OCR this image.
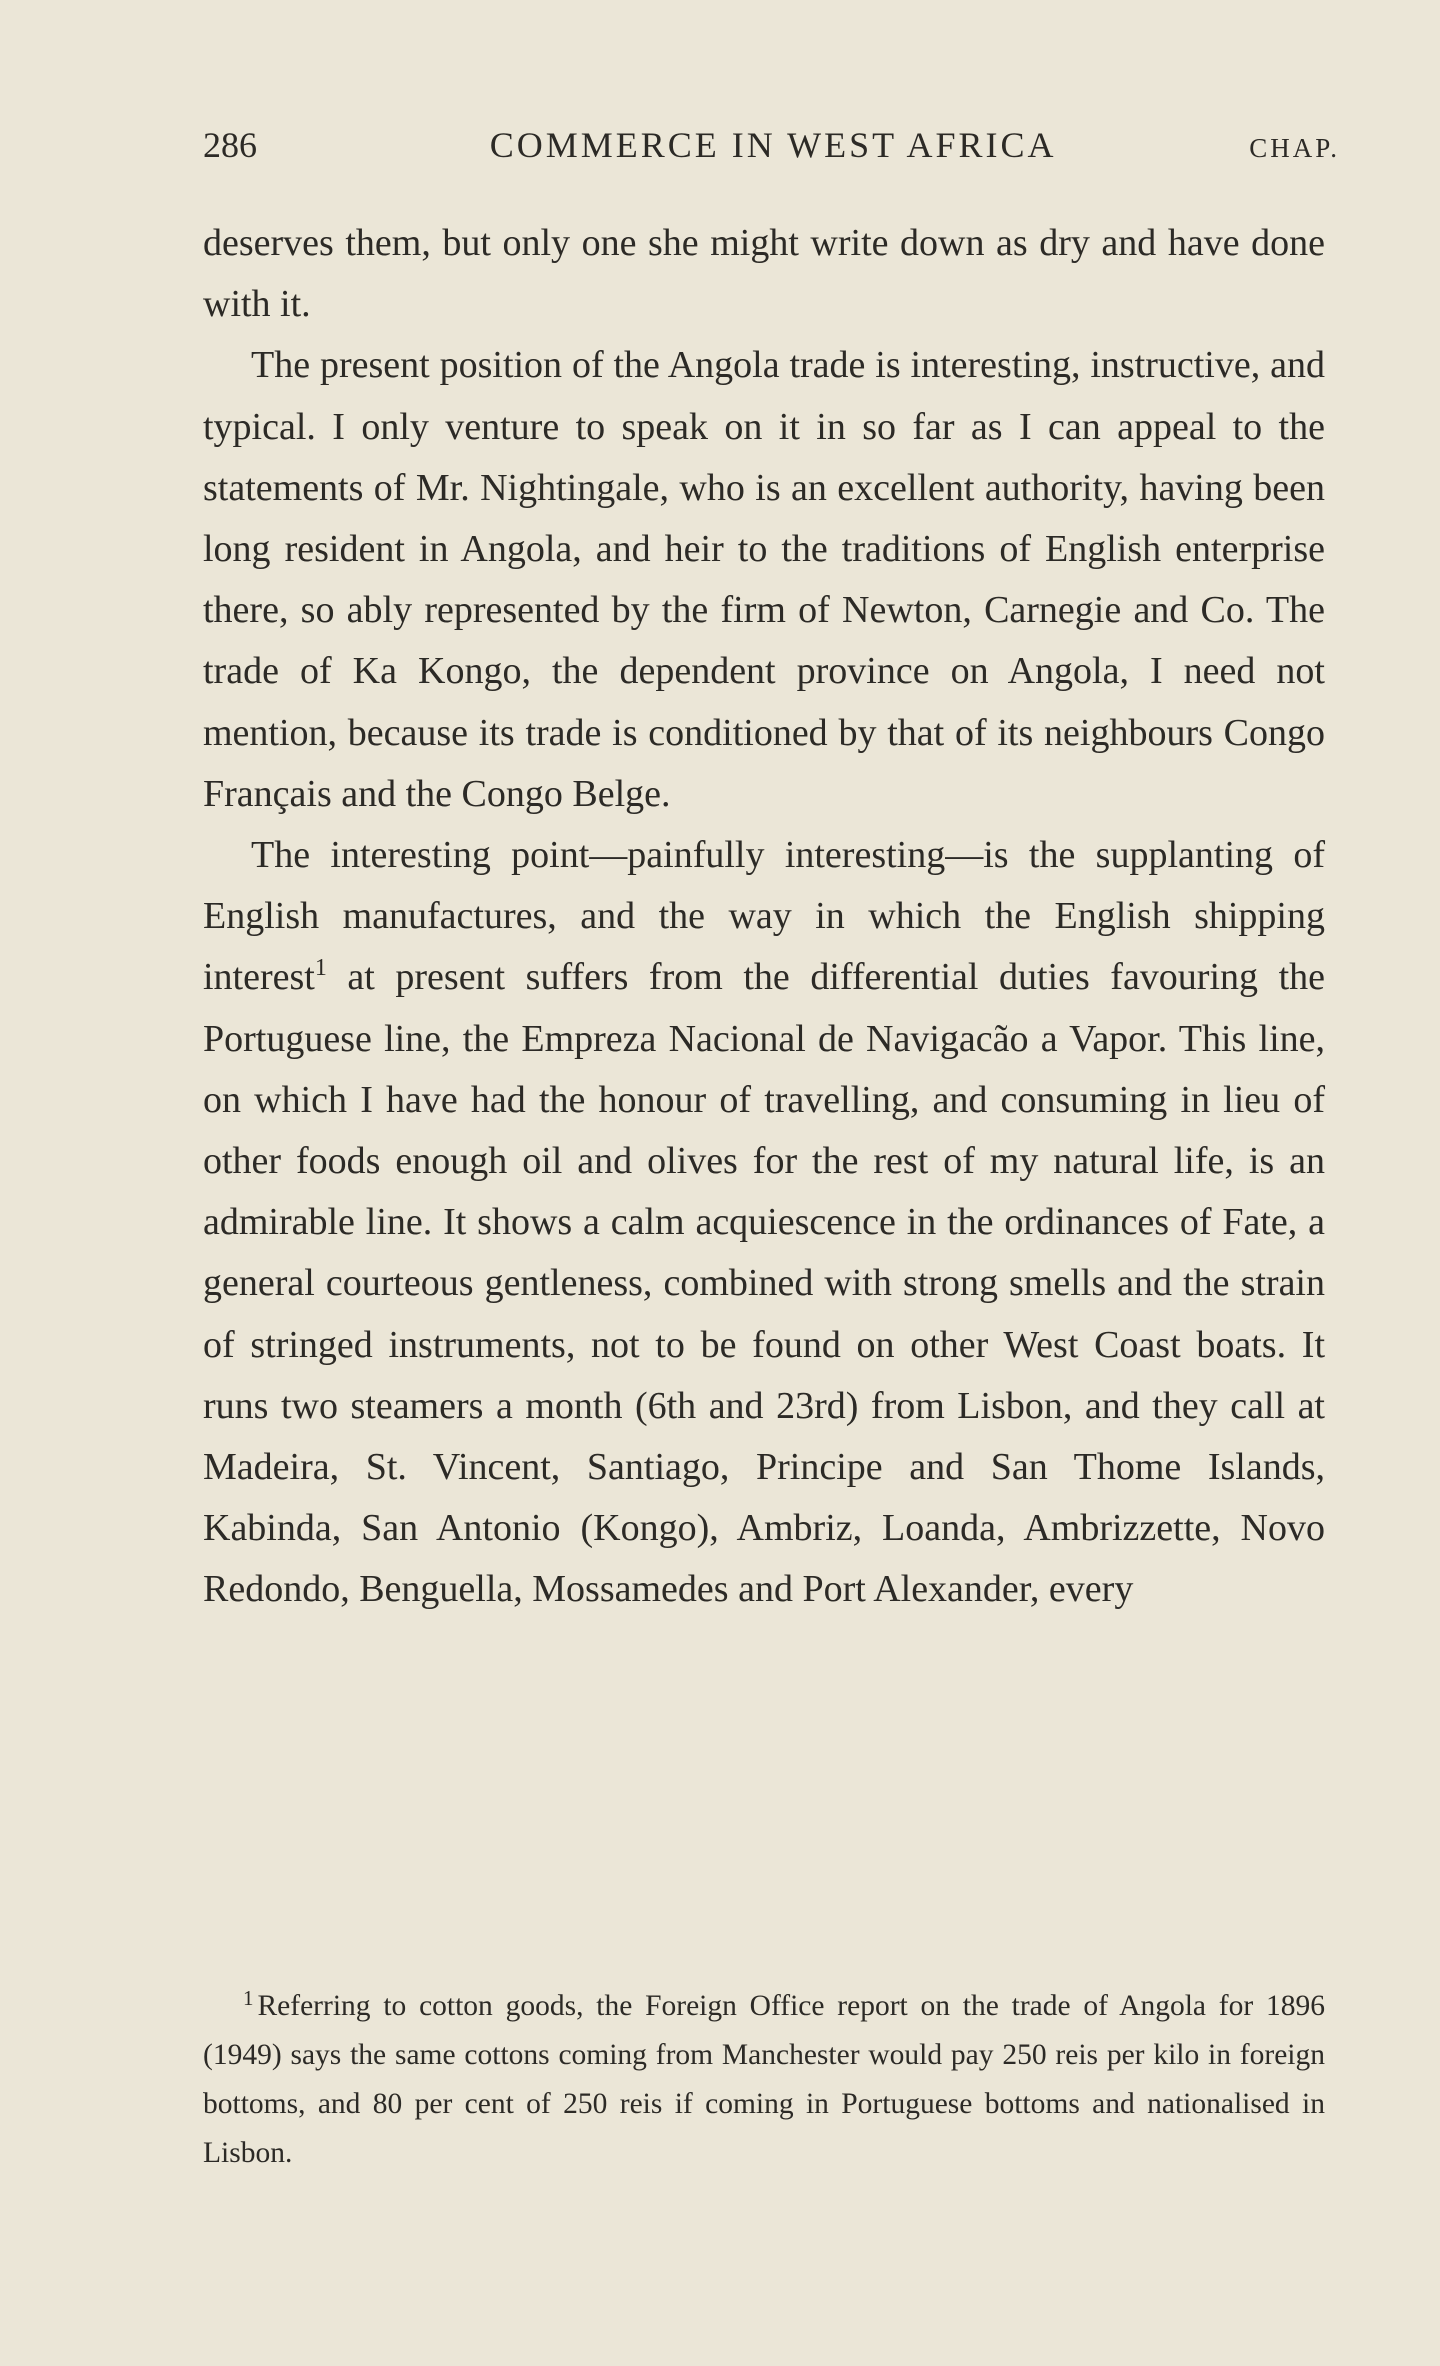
286	COMMERCE IN WEST AFRICA	CHAP.

deserves them, but only one she might write down as dry and have done with it.

The present position of the Angola trade is interesting, instructive, and typical. I only venture to speak on it in so far as I can appeal to the statements of Mr. Nightingale, who is an excellent authority, having been long resident in Angola, and heir to the traditions of English enterprise there, so ably represented by the firm of Newton, Carnegie and Co. The trade of Ka Kongo, the dependent province on Angola, I need not mention, because its trade is conditioned by that of its neighbours Congo Français and the Congo Belge.

The interesting point—painfully interesting—is the supplanting of English manufactures, and the way in which the English shipping interest$^1$ at present suffers from the differential duties favouring the Portuguese line, the Empreza Nacional de Navigacão a Vapor. This line, on which I have had the honour of travelling, and consuming in lieu of other foods enough oil and olives for the rest of my natural life, is an admirable line. It shows a calm acquiescence in the ordinances of Fate, a general courteous gentleness, combined with strong smells and the strain of stringed instruments, not to be found on other West Coast boats. It runs two steamers a month (6th and 23rd) from Lisbon, and they call at Madeira, St. Vincent, Santiago, Principe and San Thome Islands, Kabinda, San Antonio (Kongo), Ambriz, Loanda, Ambrizzette, Novo Redondo, Benguella, Mossamedes and Port Alexander, every

$^1$ Referring to cotton goods, the Foreign Office report on the trade of Angola for 1896 (1949) says the same cottons coming from Manchester would pay 250 reis per kilo in foreign bottoms, and 80 per cent of 250 reis if coming in Portuguese bottoms and nationalised in Lisbon.
